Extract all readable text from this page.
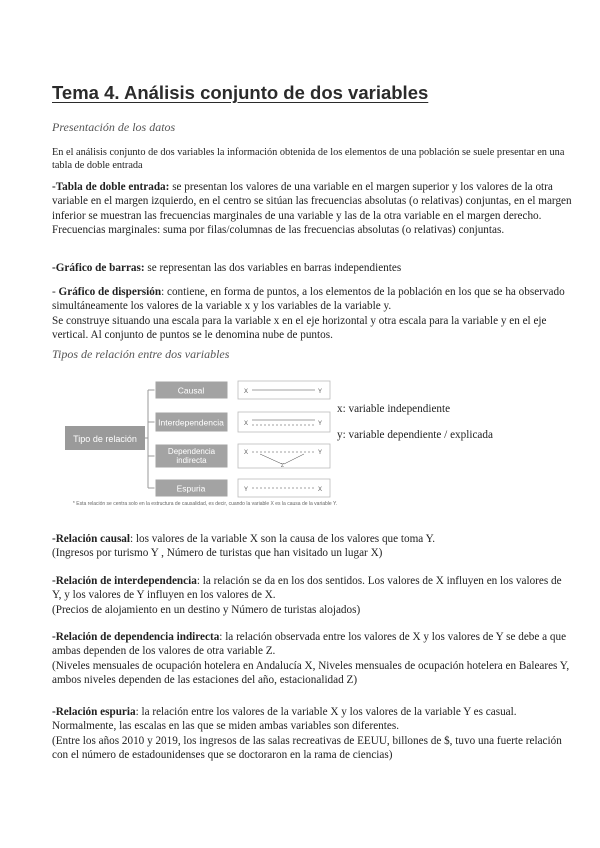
Tema 4. Análisis conjunto de dos variables
Presentación de los datos
En el análisis conjunto de dos variables la información obtenida de los elementos de una población se suele presentar en una tabla de doble entrada
-Tabla de doble entrada: se presentan los valores de una variable en el margen superior y los valores de la otra variable en el margen izquierdo, en el centro se sitúan las frecuencias absolutas (o relativas) conjuntas, en el margen inferior se muestran las frecuencias marginales de una variable y las de la otra variable en el margen derecho. Frecuencias marginales: suma por filas/columnas de las frecuencias absolutas (o relativas) conjuntas.
-Gráfico de barras: se representan las dos variables en barras independientes
- Gráfico de dispersión: contiene, en forma de puntos, a los elementos de la población en los que se ha observado simultáneamente los valores de la variable x y los variables de la variable y.
Se construye situando una escala para la variable x en el eje horizontal y otra escala para la variable y en el eje vertical. Al conjunto de puntos se le denomina nube de puntos.
Tipos de relación entre dos variables
Tipo de relación
Causal
Interdependencia
Dependencia indirecta
Espuria
X	Y
X	Y
X	Y
Z
Y	X
* Esta relación se centra solo en la estructura de causalidad, es decir, cuando la variable X es la causa de la variable Y.
x: variable independiente
y: variable dependiente / explicada
-Relación causal: los valores de la variable X son la causa de los valores que toma Y.
(Ingresos por turismo Y , Número de turistas que han visitado un lugar X)
-Relación de interdependencia: la relación se da en los dos sentidos. Los valores de X influyen en los valores de Y, y los valores de Y influyen en los valores de X.
(Precios de alojamiento en un destino y Número de turistas alojados)
-Relación de dependencia indirecta: la relación observada entre los valores de X y los valores de Y se debe a que ambas dependen de los valores de otra variable Z.
(Niveles mensuales de ocupación hotelera en Andalucía X, Niveles mensuales de ocupación hotelera en Baleares Y, ambos niveles dependen de las estaciones del año, estacionalidad Z)
-Relación espuria: la relación entre los valores de la variable X y los valores de la variable Y es casual. Normalmente, las escalas en las que se miden ambas variables son diferentes.
(Entre los años 2010 y 2019, los ingresos de las salas recreativas de EEUU, billones de $, tuvo una fuerte relación con el número de estadounidenses que se doctoraron en la rama de ciencias)
